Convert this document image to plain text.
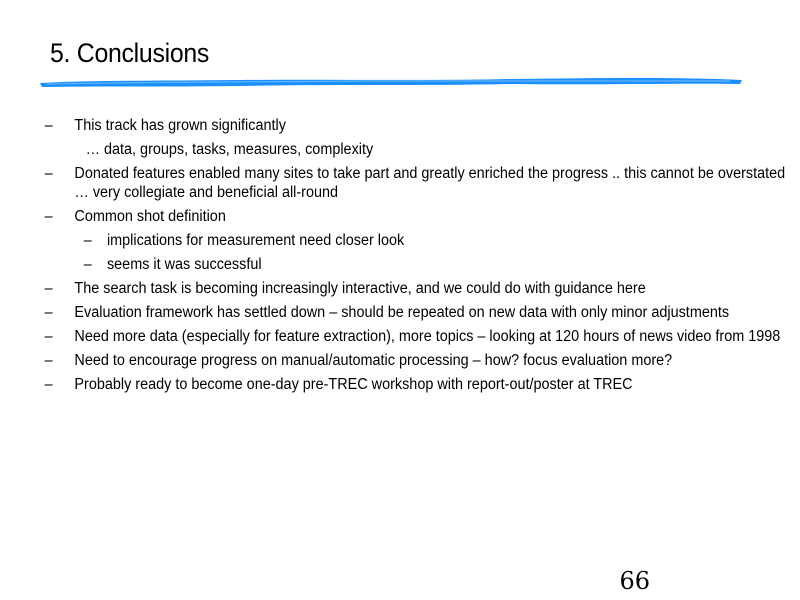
5. Conclusions
– This track has grown significantly
… data, groups, tasks, measures, complexity
– Donated features enabled many sites to take part and greatly enriched the progress .. this cannot be overstated … very collegiate and beneficial all-round
– Common shot definition
– implications for measurement need closer look
– seems it was successful
– The search task is becoming increasingly interactive, and we could do with guidance here
– Evaluation framework has settled down – should be repeated on new data with only minor adjustments
– Need more data (especially for feature extraction), more topics – looking at 120 hours of news video from 1998
– Need to encourage progress on manual/automatic processing – how? focus evaluation more?
– Probably ready to become one-day pre-TREC workshop with report-out/poster at TREC
66
